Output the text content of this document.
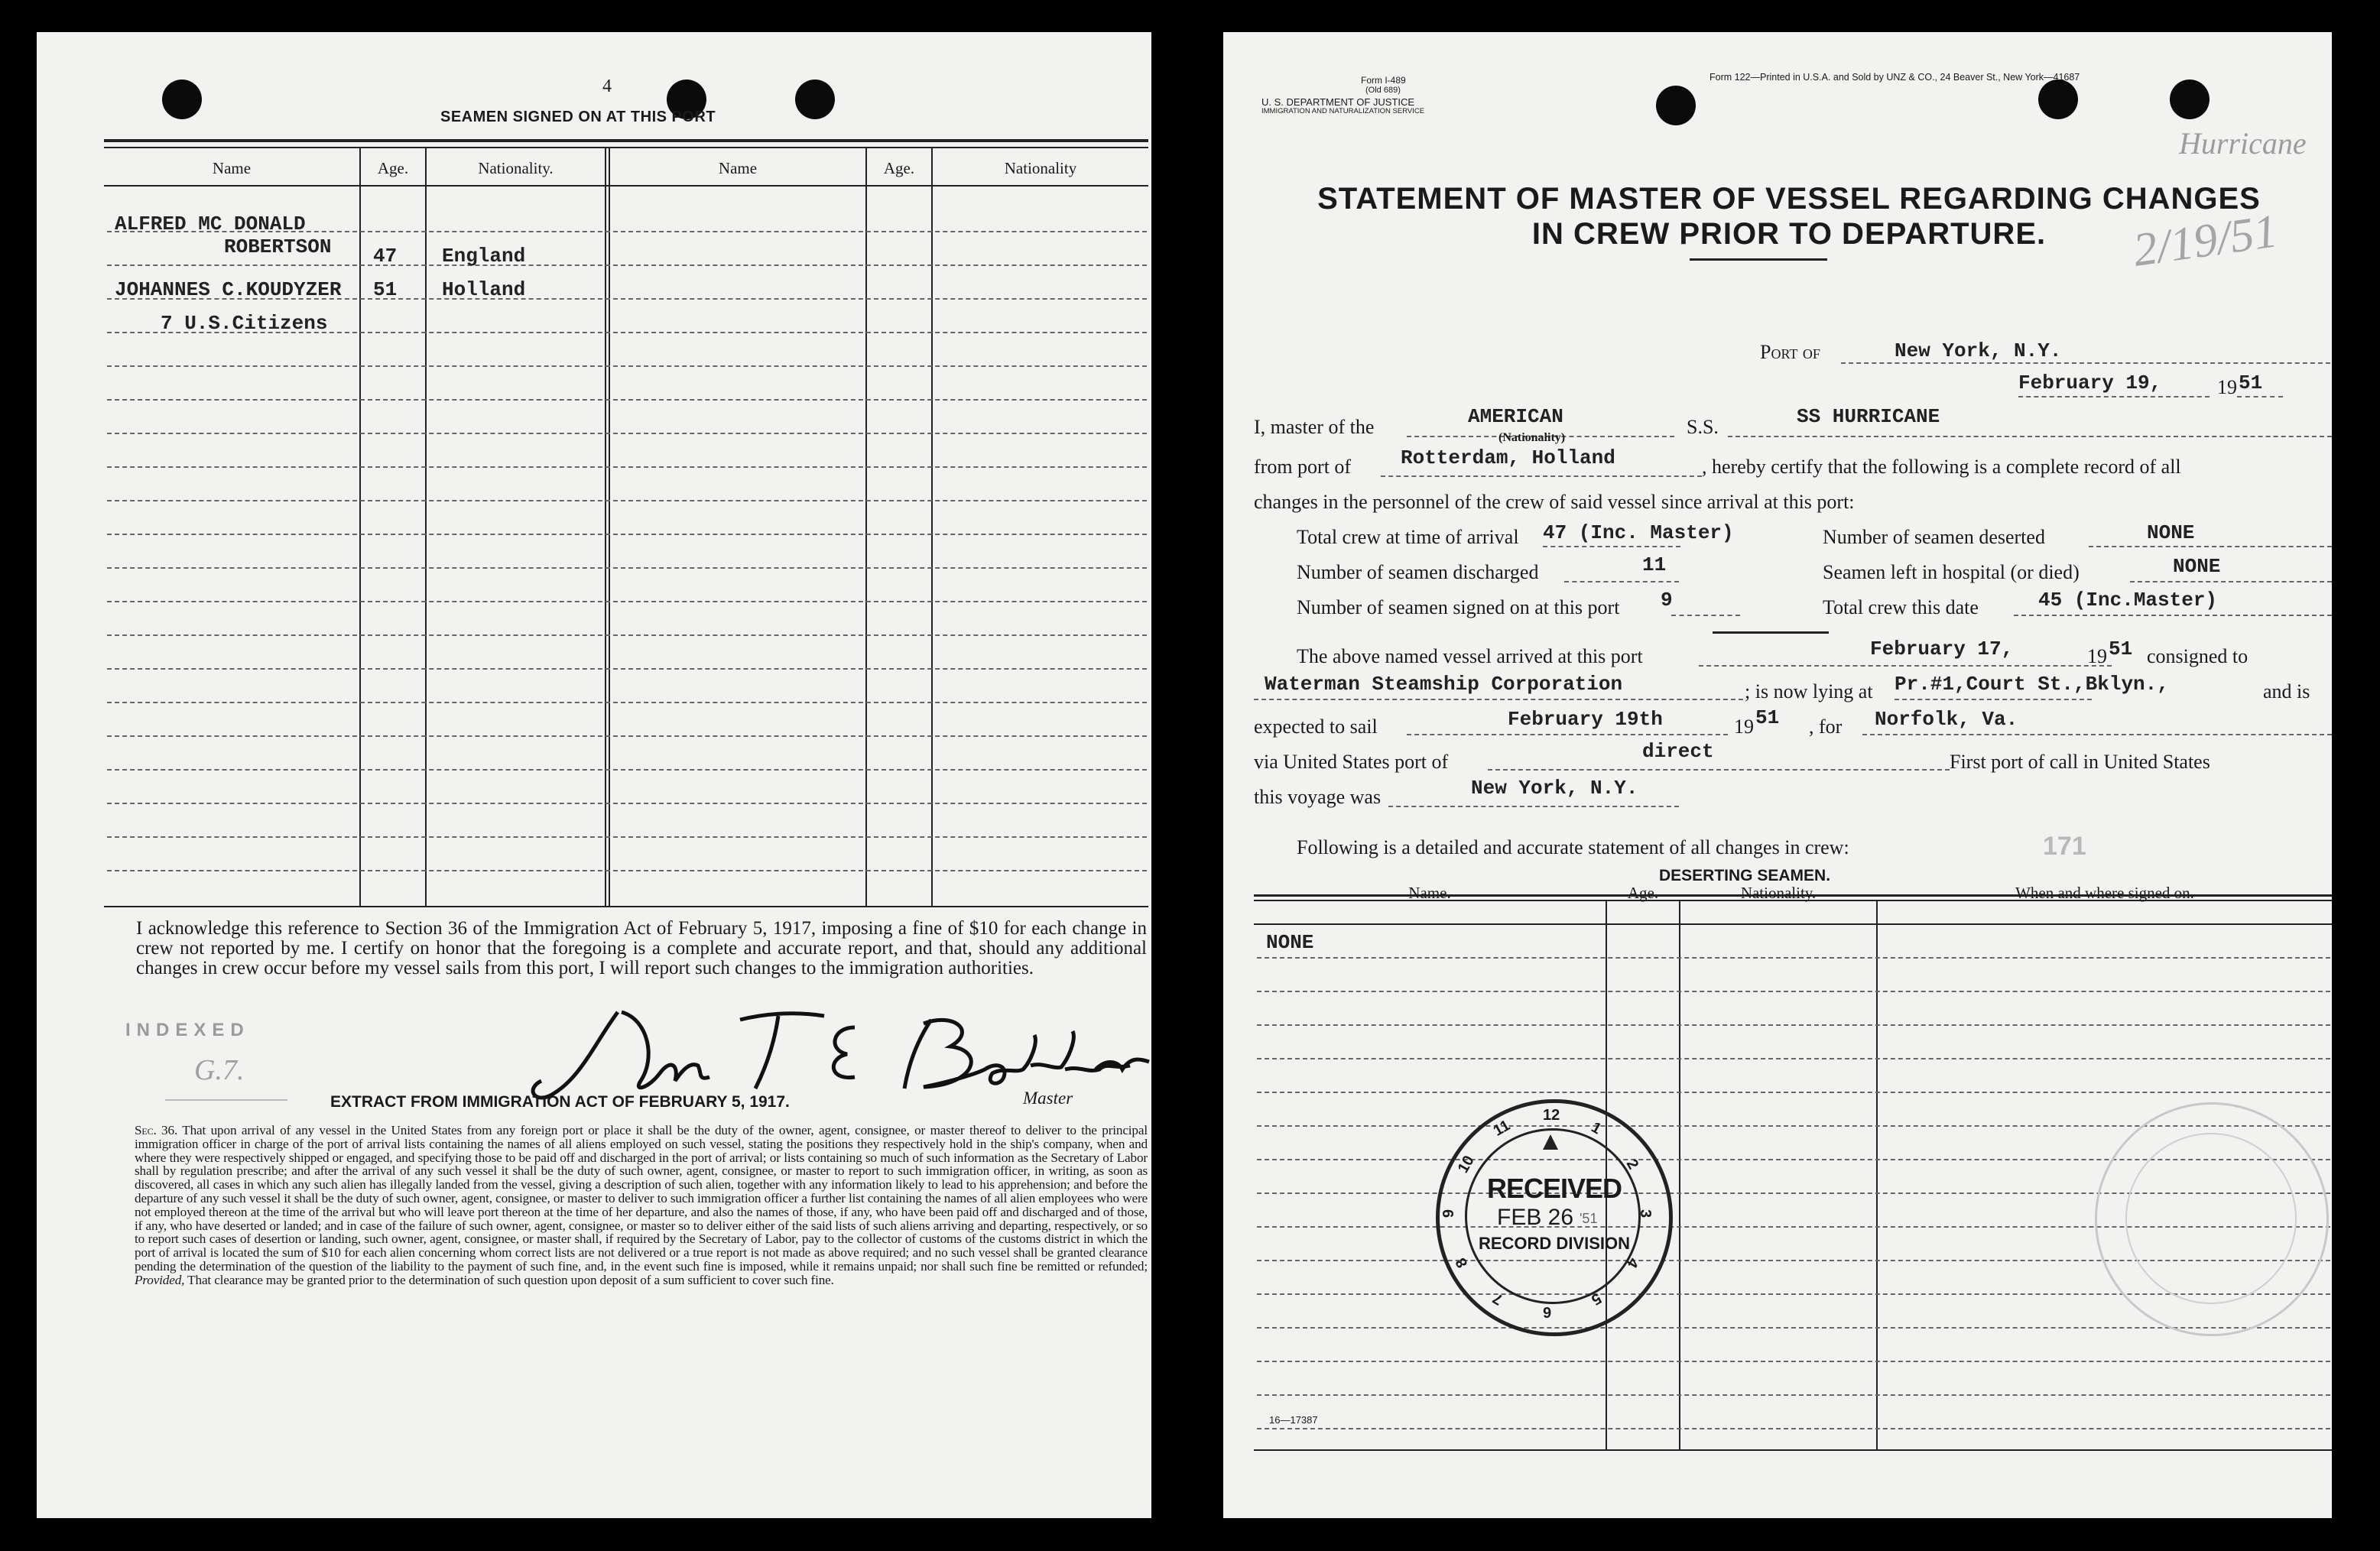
4
SEAMEN SIGNED ON AT THIS PORT
Name	Age.	Nationality.	Name	Age.	Nationality
ALFRED MC DONALD
ROBERTSON 47 England
JOHANNES C.KOUDYZER 51 Holland
7 U.S.Citizens
I acknowledge this reference to Section 36 of the Immigration Act of February 5, 1917, imposing a fine of $10 for each change in crew not reported by me. I certify on honor that the foregoing is a complete and accurate report, and that, should any additional changes in crew occur before my vessel sails from this port, I will report such changes to the immigration authorities.
INDEXED
G.7.
Master
EXTRACT FROM IMMIGRATION ACT OF FEBRUARY 5, 1917.
Sec. 36. That upon arrival of any vessel in the United States from any foreign port or place it shall be the duty of the owner, agent, consignee, or master thereof to deliver to the principal immigration officer in charge of the port of arrival lists containing the names of all aliens employed on such vessel, stating the positions they respectively hold in the ship's company, when and where they were respectively shipped or engaged, and specifying those to be paid off and discharged in the port of arrival; or lists containing so much of such information as the Secretary of Labor shall by regulation prescribe; and after the arrival of any such vessel it shall be the duty of such owner, agent, consignee, or master to report to such immigration officer, in writing, as soon as discovered, all cases in which any such alien has illegally landed from the vessel, giving a description of such alien, together with any information likely to lead to his apprehension; and before the departure of any such vessel it shall be the duty of such owner, agent, consignee, or master to deliver to such immigration officer a further list containing the names of all alien employees who were not employed thereon at the time of the arrival but who will leave port thereon at the time of her departure, and also the names of those, if any, who have been paid off and discharged and of those, if any, who have deserted or landed; and in case of the failure of such owner, agent, consignee, or master so to deliver either of the said lists of such aliens arriving and departing, respectively, or so to report such cases of desertion or landing, such owner, agent, consignee, or master shall, if required by the Secretary of Labor, pay to the collector of customs of the customs district in which the port of arrival is located the sum of $10 for each alien concerning whom correct lists are not delivered or a true report is not made as above required; and no such vessel shall be granted clearance pending the determination of the question of the liability to the payment of such fine, and, in the event such fine is imposed, while it remains unpaid; nor shall such fine be remitted or refunded; Provided, That clearance may be granted prior to the determination of such question upon deposit of a sum sufficient to cover such fine.
Form I-489
(Old 689)
U. S. DEPARTMENT OF JUSTICE
IMMIGRATION AND NATURALIZATION SERVICE
Form 122—Printed in U.S.A. and Sold by UNZ & CO., 24 Beaver St., New York—41687
Hurricane
2/19/51
STATEMENT OF MASTER OF VESSEL REGARDING CHANGES
IN CREW PRIOR TO DEPARTURE.
Port of	New York, N.Y.
February 19,	19 51
I, master of the	AMERICAN
(Nationality)	S.S.	SS HURRICANE
from port of Rotterdam, Holland	, hereby certify that the following is a complete record of all
changes in the personnel of the crew of said vessel since arrival at this port:
Total crew at time of arrival 47 (Inc. Master)	Number of seamen deserted	NONE
Number of seamen discharged	11	Seamen left in hospital (or died)	NONE
Number of seamen signed on at this port 9	Total crew this date	45 (Inc.Master)
The above named vessel arrived at this port	February 17,	19 51 consigned to
Waterman Steamship Corporation	; is now lying at Pr.#1,Court St.,Bklyn.,	and is
expected to sail	February 19th	19 51 , for Norfolk, Va.
via United States port of	direct	First port of call in United States
this voyage was	New York, N.Y.
Following is a detailed and accurate statement of all changes in crew:	171
DESERTING SEAMEN.
Name.	Age.	Nationality.	When and where signed on.
NONE
16—17387
10
11
12
1
2
3
4
5
6
7
8
9
RECEIVED
FEB 26 '51
RECORD DIVISION
